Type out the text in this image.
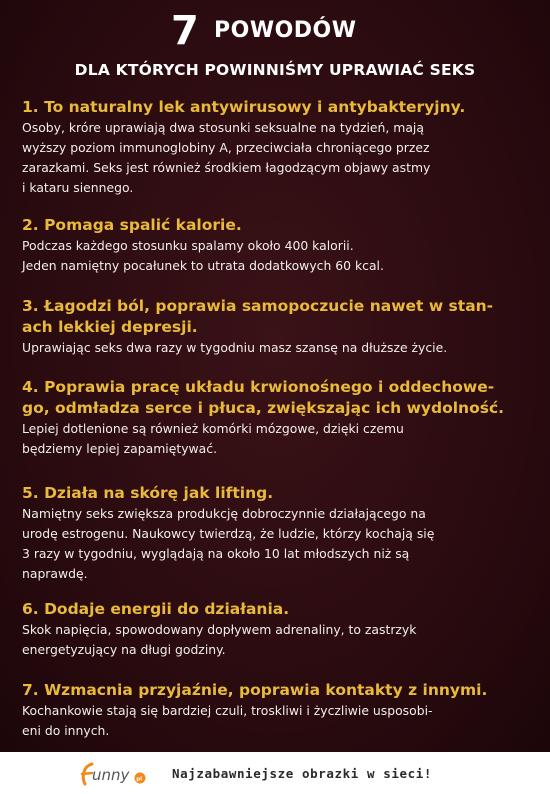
7 POWODÓW
DLA KTÓRYCH POWINNIŚMY UPRAWIAĆ SEKS

1. To naturalny lek antywirusowy i antybakteryjny.

Osoby, króre uprawiają dwa stosunki seksualne na tydzień, mają
wyższy poziom immunoglobiny A, przeciwciała chroniącego przez
zarazkami. Seks jest również środkiem łagodzącym objawy astmy
i kataru siennego.

2. Pomaga spalić kalorie.

Podczas każdego stosunku spalamy około 400 kalorii.
Jeden namiętny pocałunek to utrata dodatkowych 60 kcal.

3. Łagodzi ból, poprawia samopoczucie nawet w stan-
ach lekkiej depresji.

Uprawiając seks dwa razy w tygodniu masz szansę na dłuższe życie.

4. Poprawia pracę układu krwionośnego i oddechowe-
go, odmładza serce i płuca, zwiększając ich wydolność.

Lepiej dotlenione są również komórki mózgowe, dzięki czemu
będziemy lepiej zapamiętywać.

5. Działa na skórę jak lifting.

Namiętny seks zwiększa produkcję dobroczynnie działającego na
urodę estrogenu. Naukowcy twierdzą, że ludzie, którzy kochają się
3 razy w tygodniu, wyglądają na około 10 lat młodszych niż są
naprawdę.

6. Dodaje energii do działania.

Skok napięcia, spowodowany dopływem adrenaliny, to zastrzyk
energetyzujący na długi godziny.

7. Wzmacnia przyjaźnie, poprawia kontakty z innymi.

Kochankowie stają się bardziej czuli, troskliwi i życzliwie usposobi-
eni do innych.

unny pl Najzabawniejsze obrazki w sieci!
